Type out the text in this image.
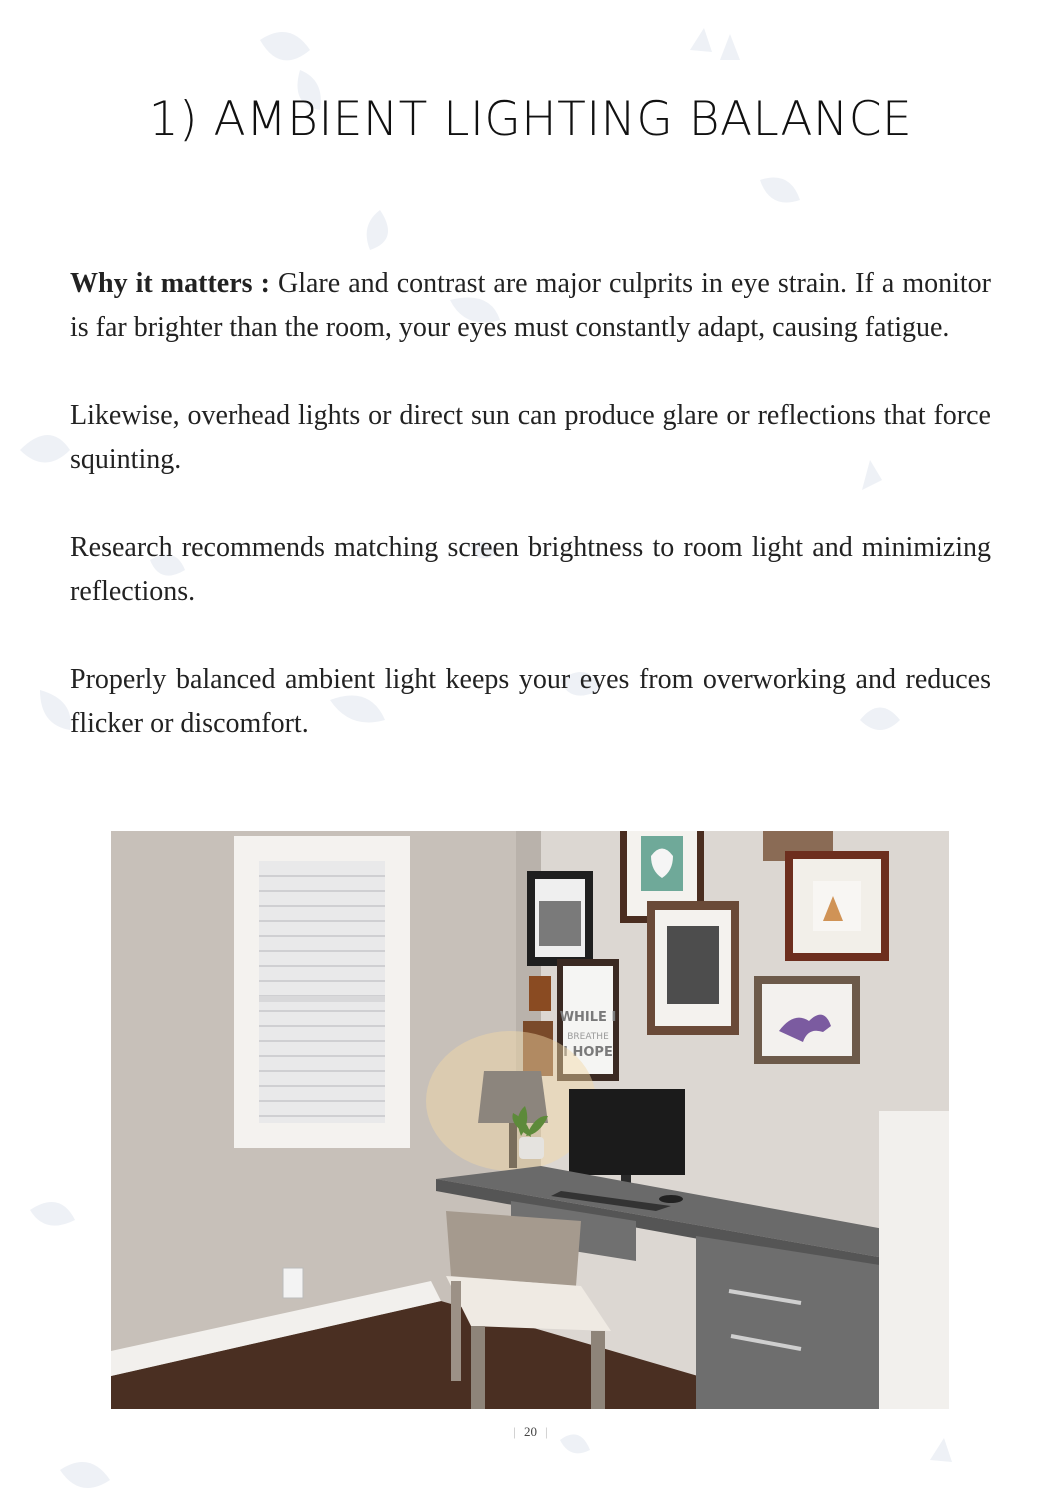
1) AMBIENT LIGHTING BALANCE

Why it matters : Glare and contrast are major culprits in eye strain. If a monitor is far brighter than the room, your eyes must constantly adapt, causing fatigue.

Likewise, overhead lights or direct sun can produce glare or reflections that force squinting.

Research recommends matching screen brightness to room light and minimizing reflections.

Properly balanced ambient light keeps your eyes from overworking and reduces flicker or discomfort.

WHILE I
BREATHE
I HOPE
| 20 |
